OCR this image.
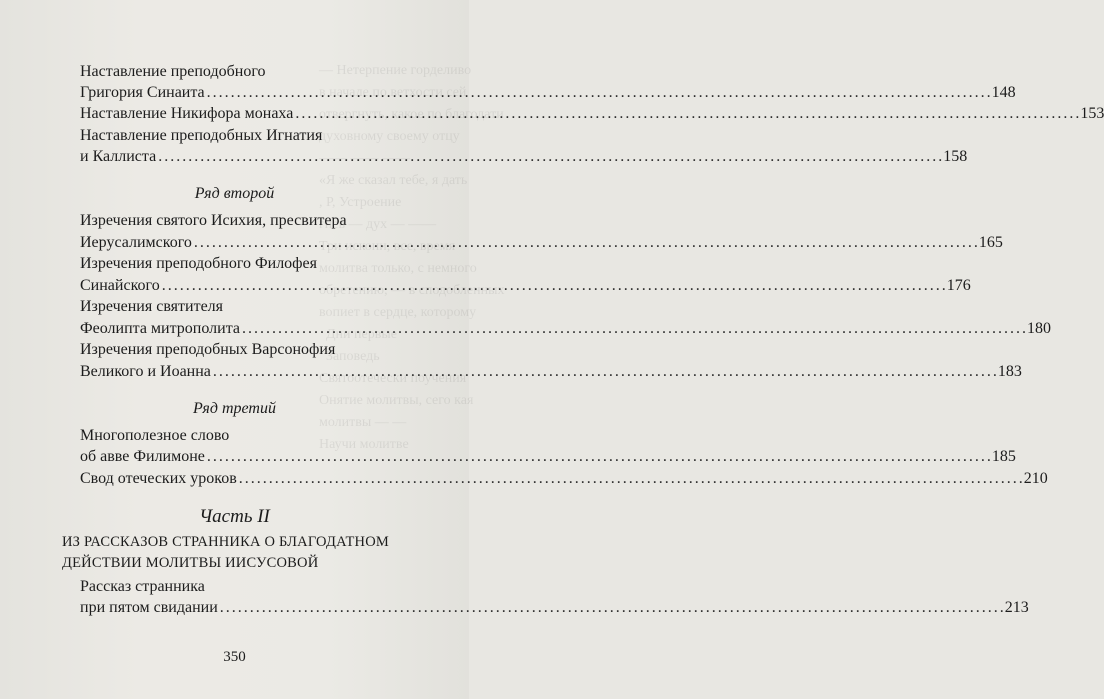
— Нетерпение горделиво
в начале по ветхости сей
отвергнуть, какое по благодати
духовному своему отцу
—— —— ——
«Я же сказал тебе, я дать
, Р, Устроение
гнев — дух — ——
Три искони, все, время
молитва только, с немного
обретению, — в сподобленных
вопиет в сердце, которому
Дни первые
Заповедь
Святоотечески поучения
Онятие молитвы, сего кая
молитвы — —
Научи молитве
Наставление преподобного
Григория Синаита . . .	148
Наставление Никифора монаха . . .	153
Наставление преподобных Игнатия
и Каллиста . . .	158
Ряд второй
Изречения святого Исихия, пресвитера
Иерусалимского . . .	165
Изречения преподобного Филофея
Синайского . . .	176
Изречения святителя
Феолипта митрополита . . .	180
Изречения преподобных Варсонофия
Великого и Иоанна . . .	183
Ряд третий
Многополезное слово
об авве Филимоне . . .	185
Свод отеческих уроков . . .	210
Часть II
ИЗ РАССКАЗОВ СТРАННИКА О БЛАГОДАТНОМ
ДЕЙСТВИИ МОЛИТВЫ ИИСУСОВОЙ
Рассказ странника
при пятом свидании . . .	213
350
